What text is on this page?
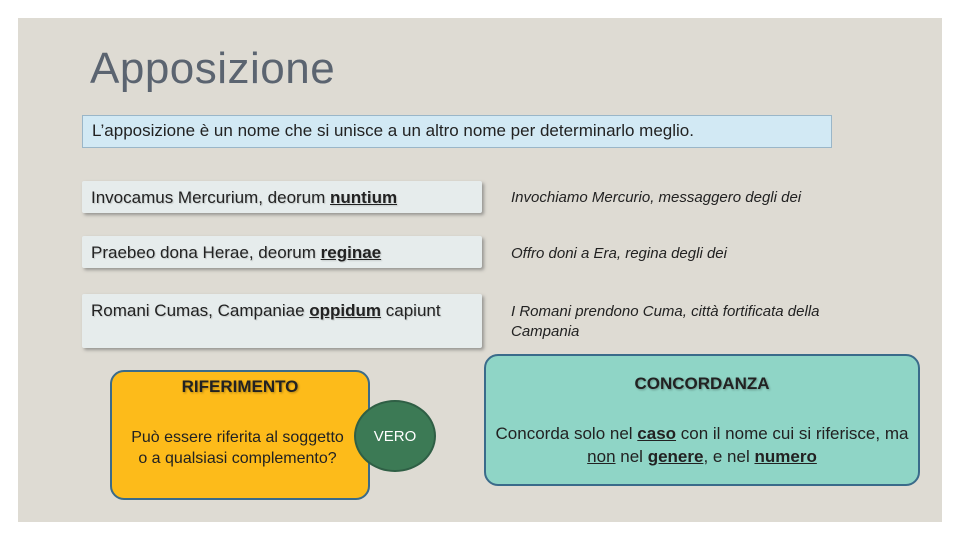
Apposizione
L’apposizione è un nome che si unisce a un altro nome per determinarlo meglio.
Invocamus Mercurium, deorum nuntium	Invochiamo Mercurio, messaggero degli dei
Praebeo dona Herae, deorum reginae	Offro doni a Era, regina degli dei
Romani Cumas, Campaniae oppidum capiunt	I Romani prendono Cuma, città fortificata della Campania
RIFERIMENTO
Può essere riferita al soggetto o a qualsiasi complemento?
VERO
CONCORDANZA
Concorda solo nel caso con il nome cui si riferisce, ma non nel genere, e nel numero
